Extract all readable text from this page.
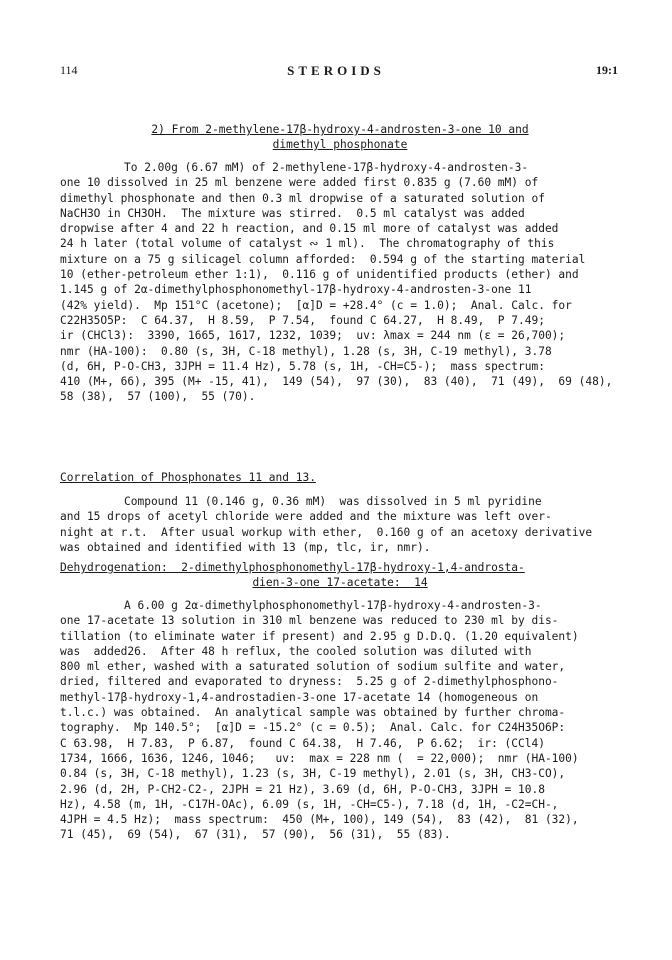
114	STEROIDS	19:1
2) From 2-methylene-17β-hydroxy-4-androsten-3-one 10 and
dimethyl phosphonate
To 2.00g (6.67 mM) of 2-methylene-17β-hydroxy-4-androsten-3-
one 10 dissolved in 25 ml benzene were added first 0.835 g (7.60 mM) of
dimethyl phosphonate and then 0.3 ml dropwise of a saturated solution of
NaCH3O in CH3OH.  The mixture was stirred.  0.5 ml catalyst was added
dropwise after 4 and 22 h reaction, and 0.15 ml more of catalyst was added
24 h later (total volume of catalyst ∾ 1 ml).  The chromatography of this
mixture on a 75 g silicagel column afforded:  0.594 g of the starting material
10 (ether-petroleum ether 1:1),  0.116 g of unidentified products (ether) and
1.145 g of 2α-dimethylphosphonomethyl-17β-hydroxy-4-androsten-3-one 11
(42% yield).  Mp 151°C (acetone);  [α]D = +28.4° (c = 1.0);  Anal. Calc. for
C22H35O5P:  C 64.37,  H 8.59,  P 7.54,  found C 64.27,  H 8.49,  P 7.49;
ir (CHCl3):  3390, 1665, 1617, 1232, 1039;  uv: λmax = 244 nm (ε = 26,700);
nmr (HA-100):  0.80 (s, 3H, C-18 methyl), 1.28 (s, 3H, C-19 methyl), 3.78
(d, 6H, P-O-CH3, 3JPH = 11.4 Hz), 5.78 (s, 1H, -CH=C5-);  mass spectrum:
410 (M+, 66), 395 (M+ -15, 41),  149 (54),  97 (30),  83 (40),  71 (49),  69 (48),
58 (38),  57 (100),  55 (70).
Correlation of Phosphonates 11 and 13.
Compound 11 (0.146 g, 0.36 mM)  was dissolved in 5 ml pyridine
and 15 drops of acetyl chloride were added and the mixture was left over-
night at r.t.  After usual workup with ether,  0.160 g of an acetoxy derivative
was obtained and identified with 13 (mp, tlc, ir, nmr).
Dehydrogenation:  2-dimethylphosphonomethyl-17β-hydroxy-1,4-androsta-
dien-3-one 17-acetate:  14
A 6.00 g 2α-dimethylphosphonomethyl-17β-hydroxy-4-androsten-3-
one 17-acetate 13 solution in 310 ml benzene was reduced to 230 ml by dis-
tillation (to eliminate water if present) and 2.95 g D.D.Q. (1.20 equivalent)
was  added26.  After 48 h reflux, the cooled solution was diluted with
800 ml ether, washed with a saturated solution of sodium sulfite and water,
dried, filtered and evaporated to dryness:  5.25 g of 2-dimethylphosphono-
methyl-17β-hydroxy-1,4-androstadien-3-one 17-acetate 14 (homogeneous on
t.l.c.) was obtained.  An analytical sample was obtained by further chroma-
tography.  Mp 140.5°;  [α]D = -15.2° (c = 0.5);  Anal. Calc. for C24H35O6P:
C 63.98,  H 7.83,  P 6.87,  found C 64.38,  H 7.46,  P 6.62;  ir: (CCl4)
1734, 1666, 1636, 1246, 1046;   uv:  max = 228 nm (  = 22,000);  nmr (HA-100)
0.84 (s, 3H, C-18 methyl), 1.23 (s, 3H, C-19 methyl), 2.01 (s, 3H, CH3-CO),
2.96 (d, 2H, P-CH2-C2-, 2JPH = 21 Hz), 3.69 (d, 6H, P-O-CH3, 3JPH = 10.8
Hz), 4.58 (m, 1H, -C17H-OAc), 6.09 (s, 1H, -CH=C5-), 7.18 (d, 1H, -C2=CH-,
4JPH = 4.5 Hz);  mass spectrum:  450 (M+, 100), 149 (54),  83 (42),  81 (32),
71 (45),  69 (54),  67 (31),  57 (90),  56 (31),  55 (83).
